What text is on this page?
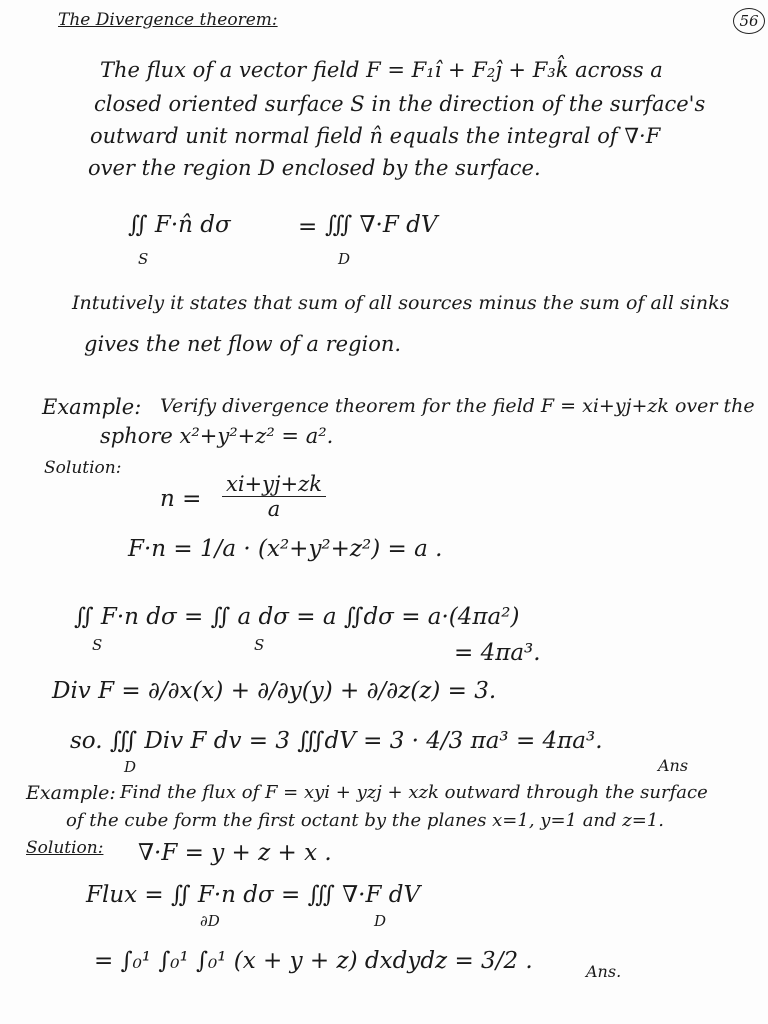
56
The Divergence theorem:
The flux of a vector field F = F₁î + F₂ĵ + F₃k̂ across a
closed oriented surface S in the direction of the surface's
outward unit normal field n̂ equals the integral of ∇·F
over the region D enclosed by the surface.
∬ F·n̂ dσ	= ∭ ∇·F dV
S	D
Intutively it states that sum of all sources minus the sum of all sinks
gives the net flow of a region.
Example: Verify divergence theorem for the field F = xi+yj+zk over the
sphore x²+y²+z² = a².
Solution:
$n = \frac{xi+yj+zk}{a}$
F·n = 1/a · (x²+y²+z²) = a .
∬ F·n dσ = ∬ a dσ = a ∬dσ = a·(4πa²)
S	S	= 4πa³.
Div F = ∂/∂x(x) + ∂/∂y(y) + ∂/∂z(z) = 3.
so. ∭ Div F dv = 3 ∭dV = 3 · 4/3 πa³ = 4πa³.
D	Ans
Example: Find the flux of F = xyi + yzj + xzk outward through the surface
of the cube form the first octant by the planes x=1, y=1 and z=1.
Solution: ∇·F = y + z + x .
Flux = ∬ F·n dσ = ∭ ∇·F dV
∂D	D
= ∫₀¹ ∫₀¹ ∫₀¹ (x + y + z) dxdydz = 3/2 .	Ans.
